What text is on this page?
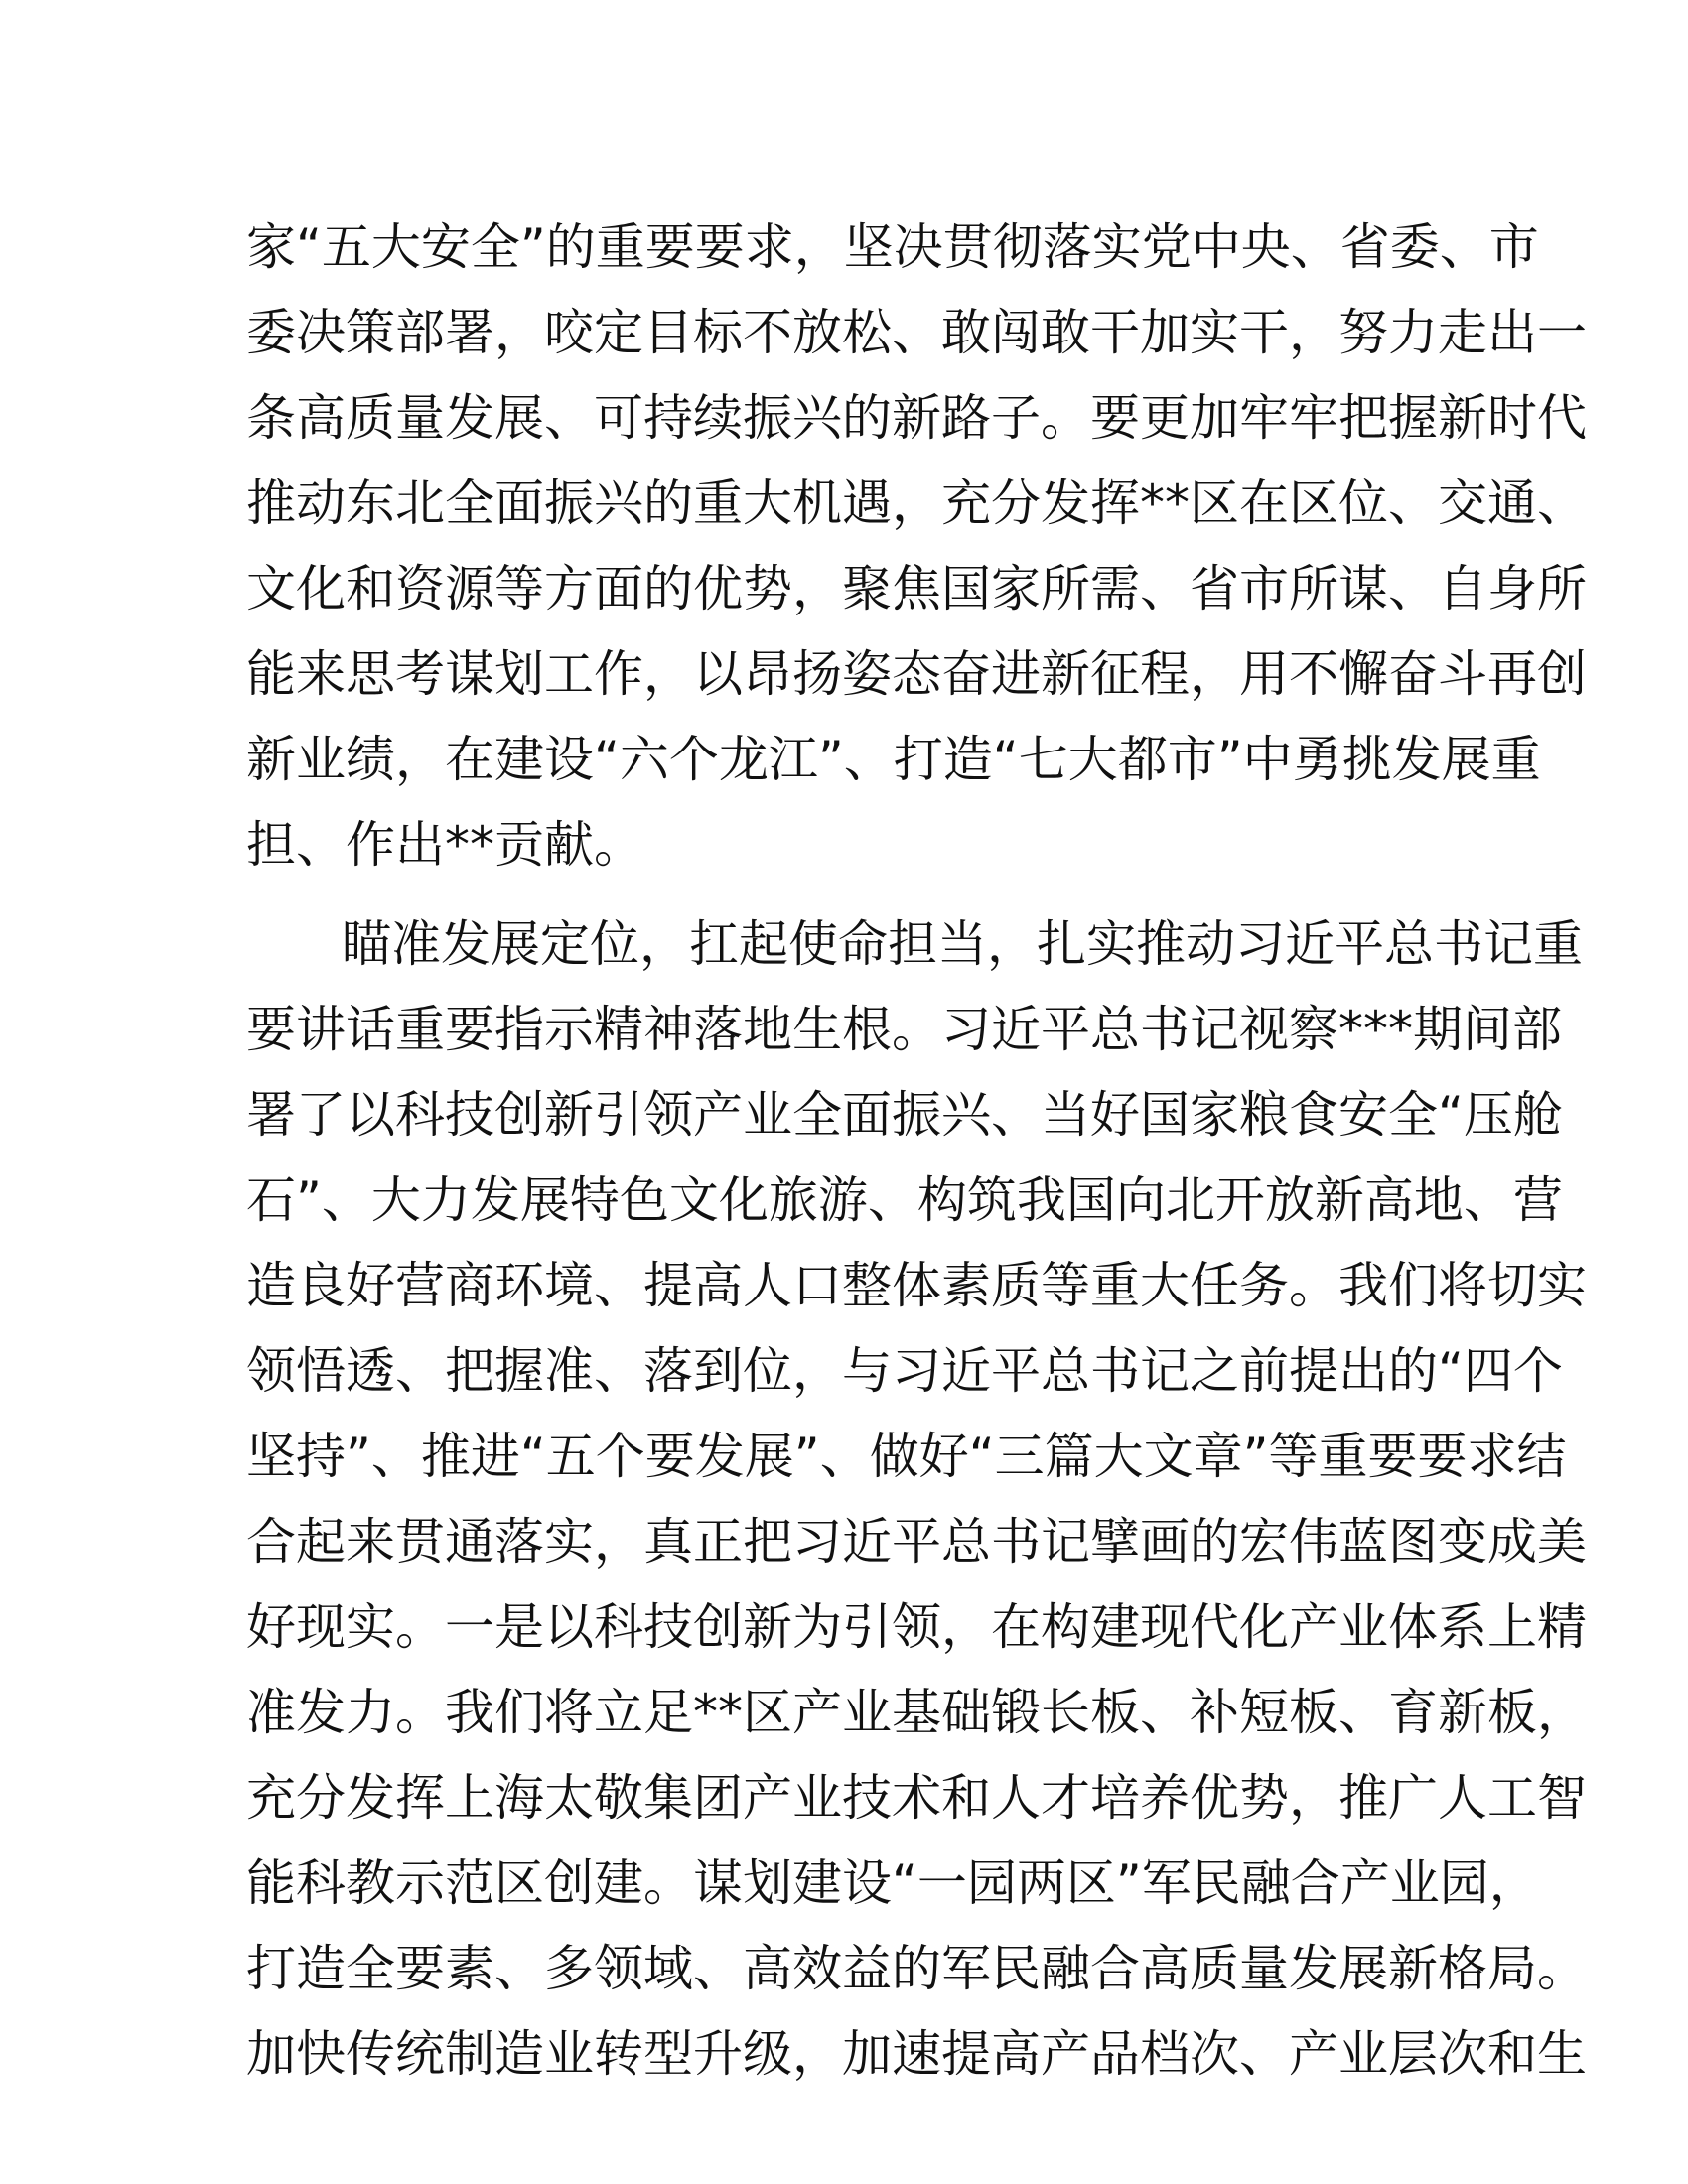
家“五大安全”的重要要求，坚决贯彻落实党中央、省委、市
委决策部署，咬定目标不放松、敢闯敢干加实干，努力走出一
条高质量发展、可持续振兴的新路子。要更加牢牢把握新时代
推动东北全面振兴的重大机遇，充分发挥**区在区位、交通、
文化和资源等方面的优势，聚焦国家所需、省市所谋、自身所
能来思考谋划工作，以昂扬姿态奋进新征程，用不懈奋斗再创
新业绩，在建设“六个龙江”、打造“七大都市”中勇挑发展重
担、作出**贡献。
瞄准发展定位，扛起使命担当，扎实推动习近平总书记重
要讲话重要指示精神落地生根。习近平总书记视察***期间部
署了以科技创新引领产业全面振兴、当好国家粮食安全“压舱
石”、大力发展特色文化旅游、构筑我国向北开放新高地、营
造良好营商环境、提高人口整体素质等重大任务。我们将切实
领悟透、把握准、落到位，与习近平总书记之前提出的“四个
坚持”、推进“五个要发展”、做好“三篇大文章”等重要要求结
合起来贯通落实，真正把习近平总书记擘画的宏伟蓝图变成美
好现实。一是以科技创新为引领，在构建现代化产业体系上精
准发力。我们将立足**区产业基础锻长板、补短板、育新板，
充分发挥上海太敬集团产业技术和人才培养优势，推广人工智
能科教示范区创建。谋划建设“一园两区”军民融合产业园，
打造全要素、多领域、高效益的军民融合高质量发展新格局。
加快传统制造业转型升级，加速提高产品档次、产业层次和生
